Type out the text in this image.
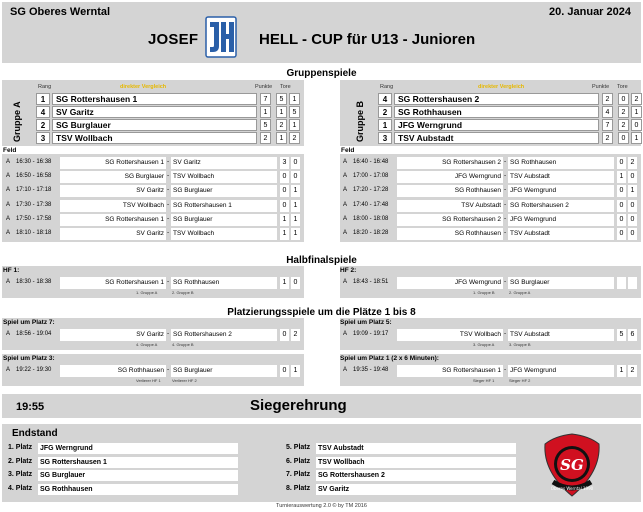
SG Oberes Werntal	20. Januar 2024
JOSEF	HELL - CUP für U13 - Junioren
Gruppenspiele
Gruppe A
Rang	direkter Vergleich	Punkte Tore
1	SG Rottershausen 1	7	5	1
4	SV Garitz	1	1	5
2	SG Burglauer	5	2	1
3	TSV Wollbach	2	1	2	Gruppe B
Rang	direkter Vergleich	Punkte Tore
4	SG Rottershausen 2	2	0	2
2	SG Rothhausen	4	2	1
1	JFG Werngrund	7	2	0
3	TSV Aubstadt	2	0	1
Feld	Feld
A 16:30 - 16:38	SG Rottershausen 1 - SV Garitz	3	0
A 16:50 - 16:58	SG Burglauer - TSV Wollbach	0	0
A 17:10 - 17:18	SV Garitz - SG Burglauer	0	1
A 17:30 - 17:38	TSV Wollbach - SG Rottershausen 1	0	1
A 17:50 - 17:58	SG Rottershausen 1 - SG Burglauer	1	1
A 18:10 - 18:18	SV Garitz - TSV Wollbach	1	1
A 16:40 - 16:48	SG Rottershausen 2 - SG Rothhausen	0	2
A 17:00 - 17:08	JFG Werngrund - TSV Aubstadt	1	0
A 17:20 - 17:28	SG Rothhausen - JFG Werngrund	0	1
A 17:40 - 17:48	TSV Aubstadt - SG Rottershausen 2	0	0
A 18:00 - 18:08	SG Rottershausen 2 - JFG Werngrund	0	0
A 18:20 - 18:28	SG Rothhausen - TSV Aubstadt	0	0
Halbfinalspiele
HF 1:
A 18:30 - 18:38	SG Rottershausen 1 - SG Rothhausen	1	0
1. Gruppe A	2. Gruppe B
HF 2:
A 18:43 - 18:51	JFG Werngrund - SG Burglauer
1. Gruppe B	2. Gruppe A
Platzierungsspiele um die Plätze 1 bis 8
Spiel um Platz 7:
A 18:56 - 19:04	SV Garitz - SG Rottershausen 2	0	2
4. Gruppe A	4. Gruppe B
Spiel um Platz 5:
A 19:09 - 19:17	TSV Wollbach - TSV Aubstadt	5	6
3. Gruppe A	3. Gruppe B
Spiel um Platz 3:
A 19:22 - 19:30	SG Rothhausen - SG Burglauer	0	1
Verlierer HF 1	Verlierer HF 2
Spiel um Platz 1 (2 x 6 Minuten):
A 19:35 - 19:48	SG Rottershausen 1 - JFG Werngrund	1	2
Sieger HF 1	Sieger HF 2
19:55	Siegerehrung
Endstand
1. Platz JFG Werngrund
2. Platz SG Rottershausen 1
3. Platz SG Burglauer
4. Platz SG Rothhausen
5. Platz TSV Aubstadt
6. Platz TSV Wollbach
7. Platz SG Rottershausen 2
8. Platz SV Garitz
SG
Oberes Werntal 1990
Turnierauswertung 2.0 © by TM 2016
